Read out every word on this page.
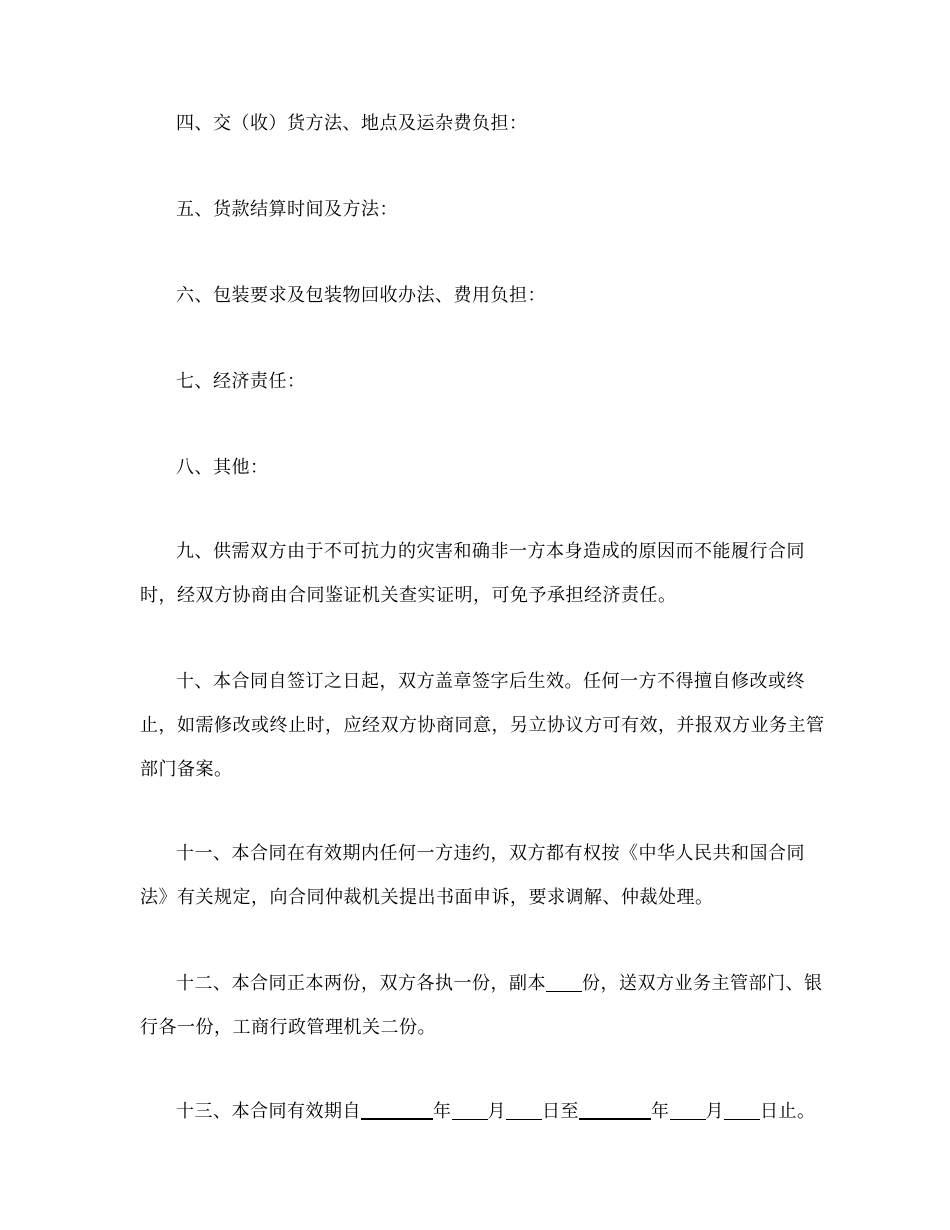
四、交（收）货方法、地点及运杂费负担：

五、货款结算时间及方法：

六、包装要求及包装物回收办法、费用负担：

七、经济责任：

八、其他：

九、供需双方由于不可抗力的灾害和确非一方本身造成的原因而不能履行合同时，经双方协商由合同鉴证机关查实证明，可免予承担经济责任。

十、本合同自签订之日起，双方盖章签字后生效。任何一方不得擅自修改或终止，如需修改或终止时，应经双方协商同意，另立协议方可有效，并报双方业务主管部门备案。

十一、本合同在有效期内任何一方违约，双方都有权按《中华人民共和国合同法》有关规定，向合同仲裁机关提出书面申诉，要求调解、仲裁处理。

十二、本合同正本两份，双方各执一份，副本 份，送双方业务主管部门、银行各一份，工商行政管理机关二份。

十三、本合同有效期自	年 月 日至	年 月 日止。
